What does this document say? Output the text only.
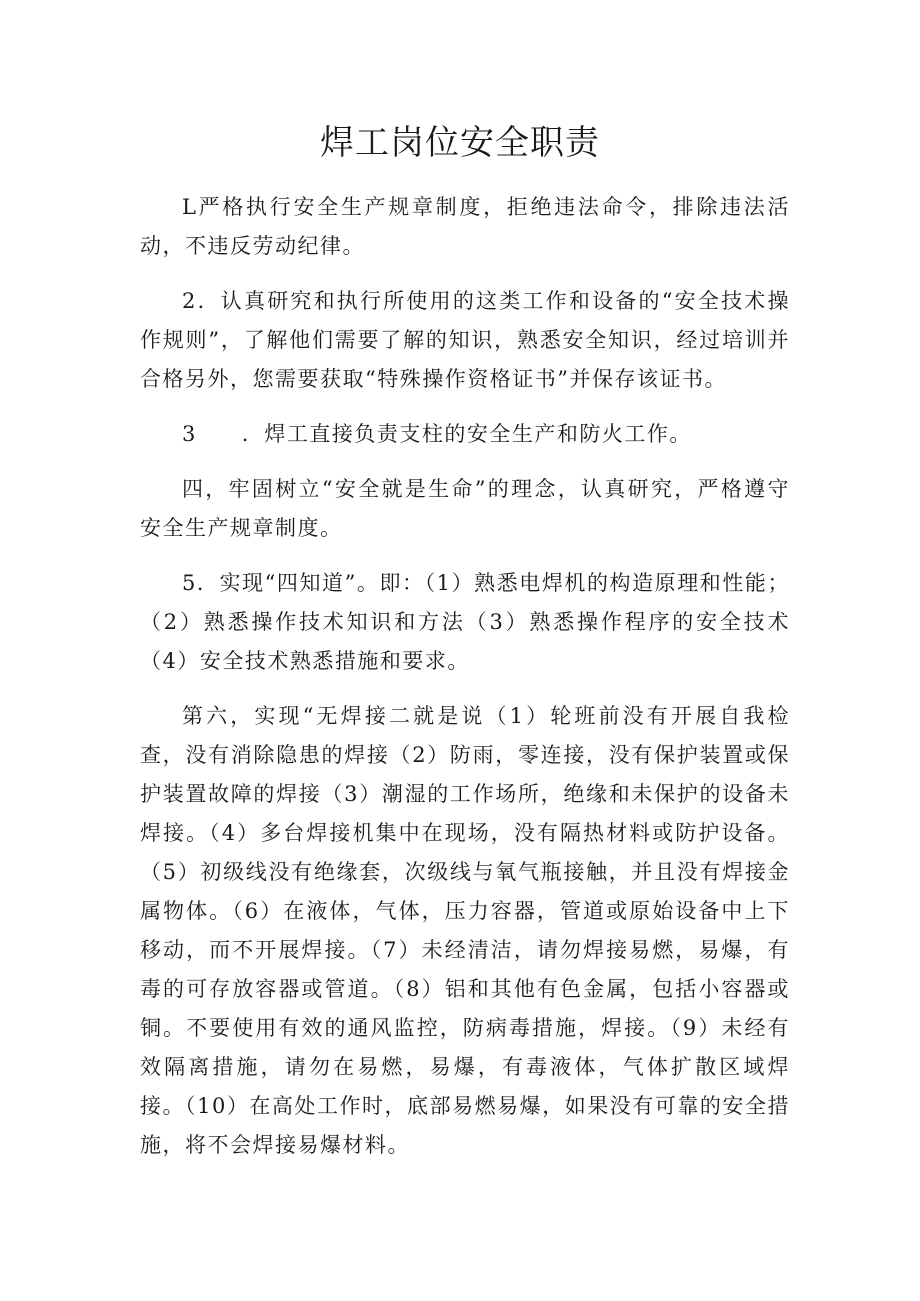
焊工岗位安全职责

L严格执行安全生产规章制度，拒绝违法命令，排除违法活动，不违反劳动纪律。

2．认真研究和执行所使用的这类工作和设备的“安全技术操作规则”，了解他们需要了解的知识，熟悉安全知识，经过培训并合格另外，您需要获取“特殊操作资格证书”并保存该证书。

3　　．焊工直接负责支柱的安全生产和防火工作。

四，牢固树立“安全就是生命”的理念，认真研究，严格遵守安全生产规章制度。

5．实现“四知道”。即：（1）熟悉电焊机的构造原理和性能；（2）熟悉操作技术知识和方法（3）熟悉操作程序的安全技术（4）安全技术熟悉措施和要求。

第六，实现“无焊接二就是说（1）轮班前没有开展自我检查，没有消除隐患的焊接（2）防雨，零连接，没有保护装置或保护装置故障的焊接（3）潮湿的工作场所，绝缘和未保护的设备未焊接。（4）多台焊接机集中在现场，没有隔热材料或防护设备。（5）初级线没有绝缘套，次级线与氧气瓶接触，并且没有焊接金属物体。（6）在液体，气体，压力容器，管道或原始设备中上下移动，而不开展焊接。（7）未经清洁，请勿焊接易燃，易爆，有毒的可存放容器或管道。（8）铝和其他有色金属，包括小容器或铜。不要使用有效的通风监控，防病毒措施，焊接。（9）未经有效隔离措施，请勿在易燃，易爆，有毒液体，气体扩散区域焊接。（10）在高处工作时，底部易燃易爆，如果没有可靠的安全措施，将不会焊接易爆材料。
